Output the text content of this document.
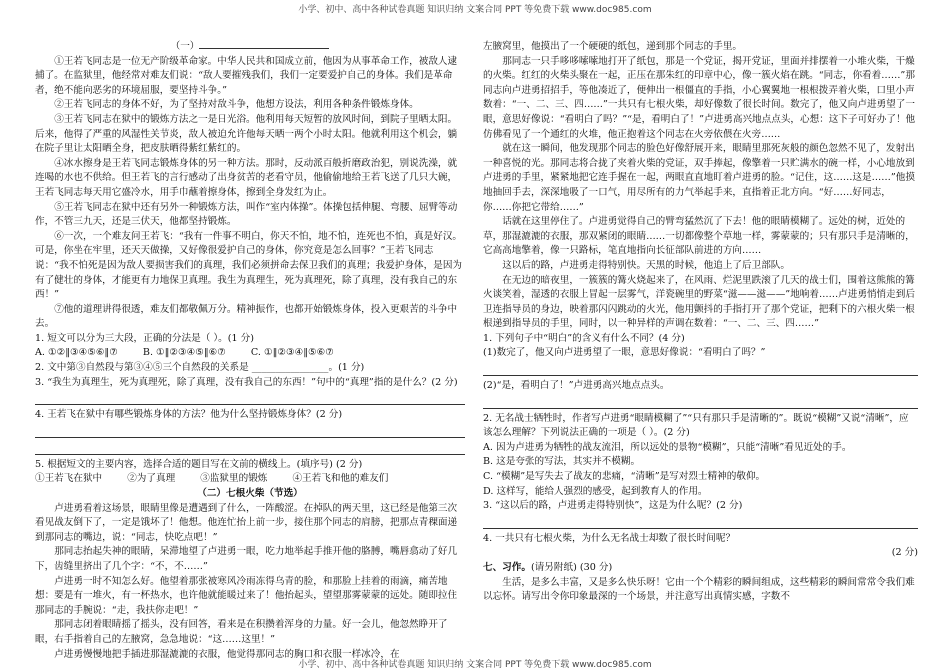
小学、初中、高中各种试卷真题 知识归纳 文案合同 PPT 等免费下载 www.doc985.com

（一）

①王若飞同志是一位无产阶级革命家。中华人民共和国成立前，他因为从事革命工作，被敌人逮捕了。在监狱里，他经常对难友们说：“敌人要摧残我们，我们一定要爱护自己的身体。我们是革命者，绝不能向恶劣的环境屈服，要坚持斗争。”

②王若飞同志的身体不好，为了坚持对敌斗争，他想方设法，利用各种条件锻炼身体。

③王若飞同志在狱中的锻炼方法之一是日光浴。他利用每天短暂的放风时间，到院子里晒太阳。后来，他得了严重的风湿性关节炎，敌人被迫允许他每天晒一两个小时太阳。他就利用这个机会，躺在院子里让太阳晒全身，把皮肤晒得紫红紫红的。

④冰水擦身是王若飞同志锻炼身体的另一种方法。那时，反动派百般折磨政治犯，别说洗澡，就连喝的水也不供给。但王若飞的言行感动了出身贫苦的老看守员，他偷偷地给王若飞送了几只大碗，王若飞同志每天用它盛冷水，用手巾蘸着擦身体，擦到全身发红为止。

⑤王若飞同志在狱中还有另外一种锻炼方法，叫作“室内体操”。体操包括伸腿、弯腰、屈臂等动作，不管三九天，还是三伏天，他都坚持锻炼。

⑥一次，一个难友问王若飞：“我有一件事不明白，你天不怕，地不怕，连死也不怕，真是好汉。可是，你坐在牢里，还天天做操，又好像很爱护自己的身体，你究竟是怎么回事？”王若飞同志说：“我不怕死是因为敌人要损害我们的真理，我们必须拼命去保卫我们的真理；我爱护身体，是因为有了健壮的身体，才能更有力地保卫真理。我生为真理生，死为真理死，除了真理，没有我自己的东西！”

⑦他的道理讲得很透，难友们都敬佩万分。精神振作，也都开始锻炼身体，投入更艰苦的斗争中去。

1. 短文可以分为三大段，正确的分法是（ ）。(1 分)

A. ①②‖③④⑤⑥‖⑦	B. ①‖②③④⑤‖⑥⑦	C. ①‖②③④‖⑤⑥⑦

2. 文中第③自然段与第③④⑤三个自然段的关系是 ________________。(1 分)

3. “我生为真理生，死为真理死，除了真理，没有我自己的东西！”句中的“真理”指的是什么？(2 分)

4. 王若飞在狱中有哪些锻炼身体的方法？他为什么坚持锻炼身体？(2 分)

5. 根据短文的主要内容，选择合适的题目写在文前的横线上。(填序号) (2 分)

①王若飞在狱中	②为了真理	③监狱里的锻炼	④王若飞和他的难友们

（二）七根火柴（节选）

卢进勇看着这场景，眼睛里像是遭遇到了什么，一阵酸涩。在掉队的两天里，这已经是他第三次看见战友倒下了，一定是饿坏了！他想。他连忙抬上前一步，接住那个同志的肩膀，把那点青稞面递到那同志的嘴边，说：“同志，快吃点吧！”

那同志抬起失神的眼睛，呆滞地望了卢进勇一眼，吃力地举起手推开他的胳膊，嘴唇翕动了好几下，齿缝里挤出了几个字：“不，不……”

卢进勇一时不知怎么好。他望着那张被寒风冷雨冻得乌青的脸，和那脸上挂着的雨滴，痛苦地想：要是有一堆火，有一杯热水，也许他就能暖过来了！他抬起头，望望那雾蒙蒙的远处。随即拉住那同志的手腕说：“走，我扶你走吧！”

那同志闭着眼睛摇了摇头，没有回答，看来是在积攒着浑身的力量。好一会儿，他忽然睁开了眼，右手指着自己的左腋窝，急急地说：“这……这里！”

卢进勇慢慢地把手插进那湿漉漉的衣服，他觉得那同志的胸口和衣服一样冰冷，在

左腋窝里，他摸出了一个硬硬的纸包，递到那个同志的手里。

那同志一只手哆哆嗦嗦地打开了纸包，那是一个党证，揭开党证，里面并排摆着一小堆火柴，干燥的火柴。红红的火柴头聚在一起，正压在那朱红的印章中心，像一簇火焰在跳。“同志，你看着……”那同志向卢进勇招招手，等他凑近了，便伸出一根僵直的手指，小心翼翼地一根根拨弄着火柴，口里小声数着：“一、二、三、四……”一共只有七根火柴，却好像数了很长时间。数完了，他又向卢进勇望了一眼，意思好像说：“看明白了吗？”“是，看明白了！”卢进勇高兴地点点头，心想：这下子可好办了！他仿佛看见了一个通红的火堆，他正抱着这个同志在火旁依偎在火旁……

就在这一瞬间，他发现那个同志的脸色好像舒展开来，眼睛里那死灰般的颜色忽然不见了，发射出一种喜悦的光。那同志将合拢了夹着火柴的党证，双手捧起，像擎着一只贮满水的碗一样，小心地放到卢进勇的手里，紧紧地把它连手握在一起，两眼直直地盯着卢进勇的脸。“记住，这……这是……”他摸地抽回手去，深深地吸了一口气，用尽所有的力气举起手来，直指着正北方向。“好……好同志，你……你把它带给……”

话就在这里停住了。卢进勇觉得自己的臂弯猛然沉了下去！他的眼睛模糊了。远处的树，近处的草，那湿漉漉的衣服，那双紧闭的眼睛……一切都像整个草地一样，雾蒙蒙的；只有那只手是清晰的，它高高地擎着，像一只路标，笔直地指向长征部队前进的方向……

这以后的路，卢进勇走得特别快。天黑的时候，他追上了后卫部队。

在无边的暗夜里，一簇簇的篝火烧起来了，在风雨、烂泥里跌滚了几天的战士们，围着这熊熊的篝火谈笑着，湿透的衣服上冒起一层雾气，洋瓷碗里的野菜“滋——滋——”地响着……卢进勇悄悄走到后卫连指导员的身边，映着那闪闪跳动的火光，他用颤抖的手指打开了那个党证，把剩下的六根火柴一根根递到指导员的手里，同时，以一种异样的声调在数着：“一、二、三、四……”

1. 下列句子中“明白”的含义有什么不同？(4 分)

(1)数完了，他又向卢进勇望了一眼，意思好像说：“看明白了吗？”

(2)“是，看明白了！”卢进勇高兴地点点头。

2. 无名战士牺牲时，作者写卢进勇“眼睛模糊了”“只有那只手是清晰的”。既说“模糊”又说“清晰”，应该怎么理解？下列说法正确的一项是（ ）。(2 分)

A. 因为卢进勇为牺牲的战友流泪，所以远处的景物“模糊”，只能“清晰”看见近处的手。

B. 这是夸张的写法，其实并不模糊。

C. “模糊”是写失去了战友的悲痛，“清晰”是写对烈士精神的敬仰。

D. 这样写，能给人强烈的感受，起到教育人的作用。

3. “这以后的路，卢进勇走得特别快”，这是为什么呢？(2 分)

4. 一共只有七根火柴，为什么无名战士却数了很长时间呢？

(2 分)

七、习作。(请另附纸) (30 分)

生活，是多么丰富，又是多么快乐呀！它由一个个精彩的瞬间组成，这些精彩的瞬间常常令我们难以忘怀。请写出令你印象最深的一个场景，并注意写出真情实感，字数不

小学、初中、高中各种试卷真题 知识归纳 文案合同 PPT 等免费下载 www.doc985.com
